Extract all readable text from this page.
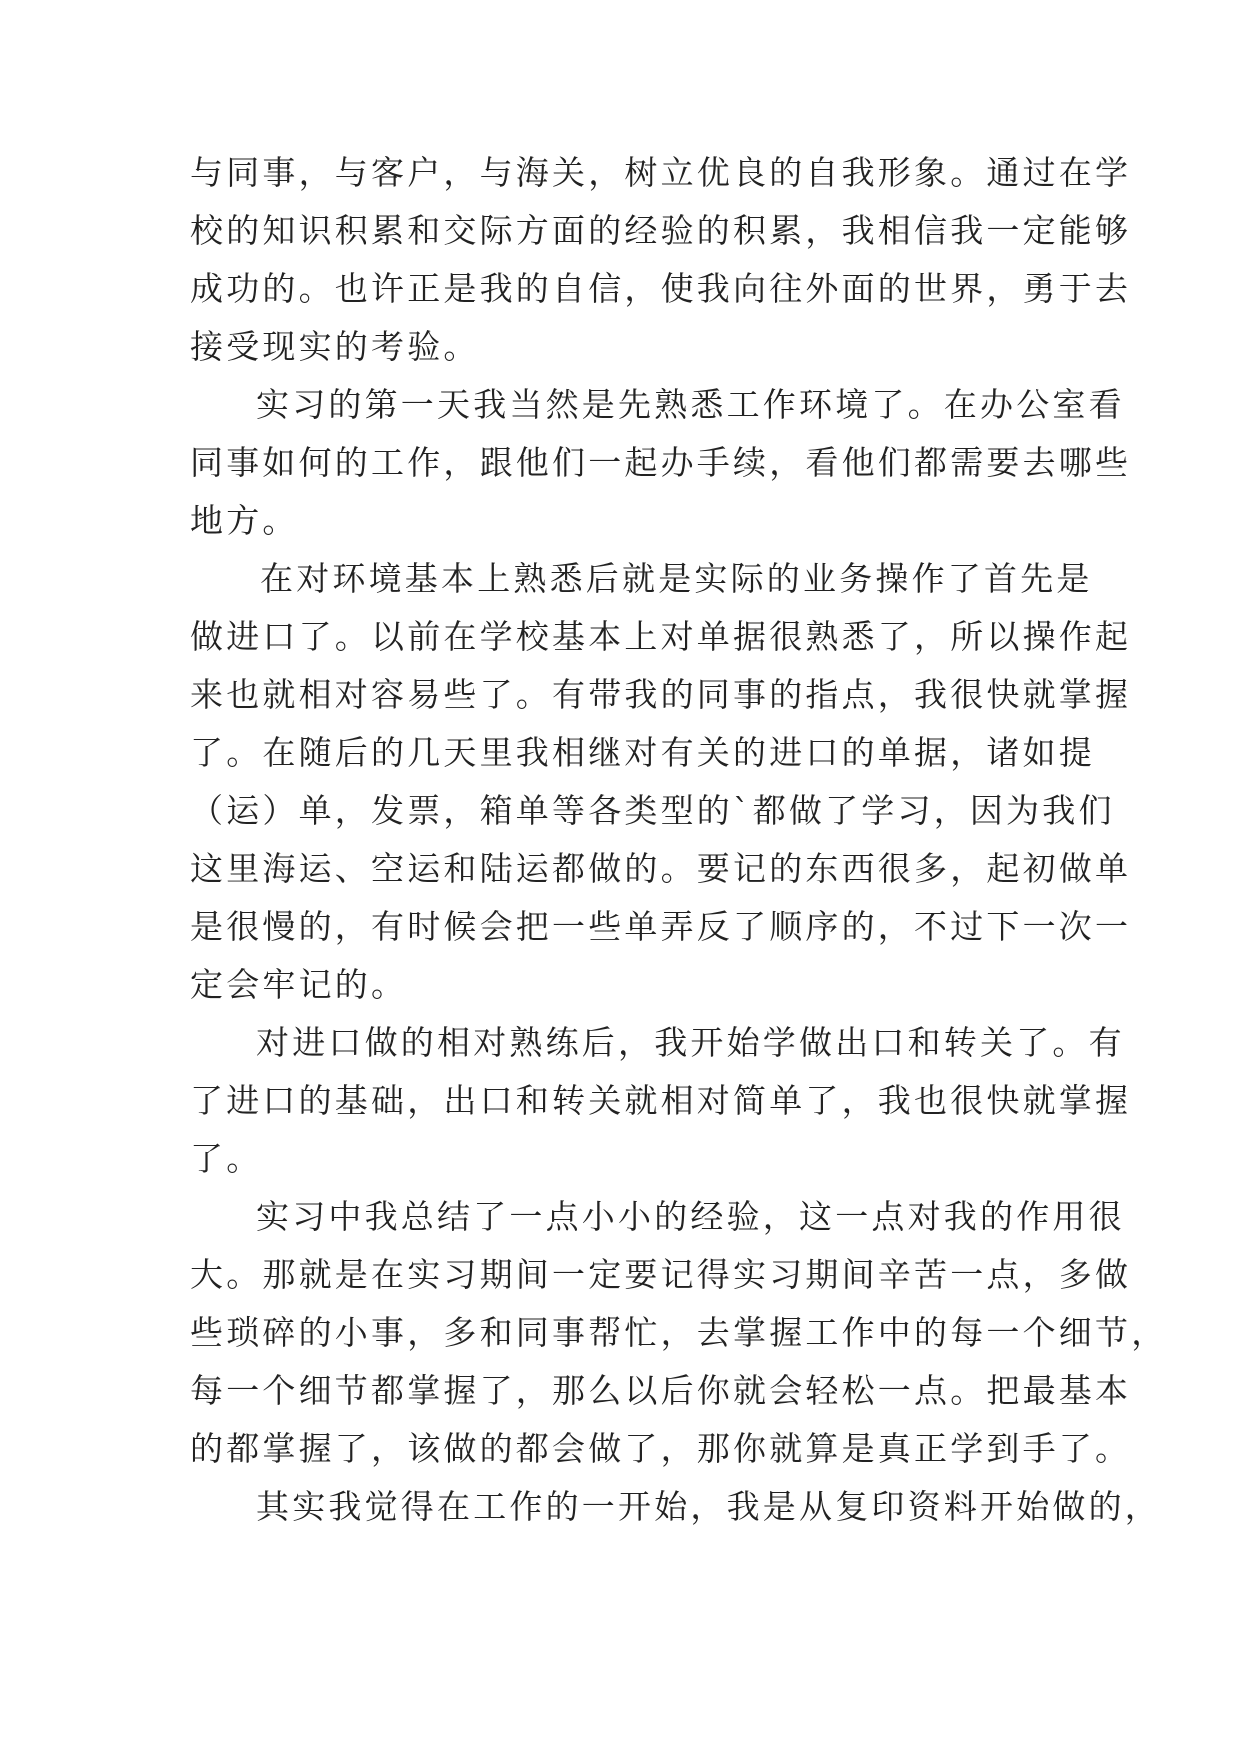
与同事，与客户，与海关，树立优良的自我形象。通过在学
校的知识积累和交际方面的经验的积累，我相信我一定能够
成功的。也许正是我的自信，使我向往外面的世界，勇于去
接受现实的考验。
实习的第一天我当然是先熟悉工作环境了。在办公室看
同事如何的工作，跟他们一起办手续，看他们都需要去哪些
地方。
在对环境基本上熟悉后就是实际的业务操作了首先是
做进口了。以前在学校基本上对单据很熟悉了，所以操作起
来也就相对容易些了。有带我的同事的指点，我很快就掌握
了。在随后的几天里我相继对有关的进口的单据，诸如提
（运）单，发票，箱单等各类型的`都做了学习，因为我们
这里海运、空运和陆运都做的。要记的东西很多，起初做单
是很慢的，有时候会把一些单弄反了顺序的，不过下一次一
定会牢记的。
对进口做的相对熟练后，我开始学做出口和转关了。有
了进口的基础，出口和转关就相对简单了，我也很快就掌握
了。
实习中我总结了一点小小的经验，这一点对我的作用很
大。那就是在实习期间一定要记得实习期间辛苦一点，多做
些琐碎的小事，多和同事帮忙，去掌握工作中的每一个细节，
每一个细节都掌握了，那么以后你就会轻松一点。把最基本
的都掌握了，该做的都会做了，那你就算是真正学到手了。
其实我觉得在工作的一开始，我是从复印资料开始做的，
